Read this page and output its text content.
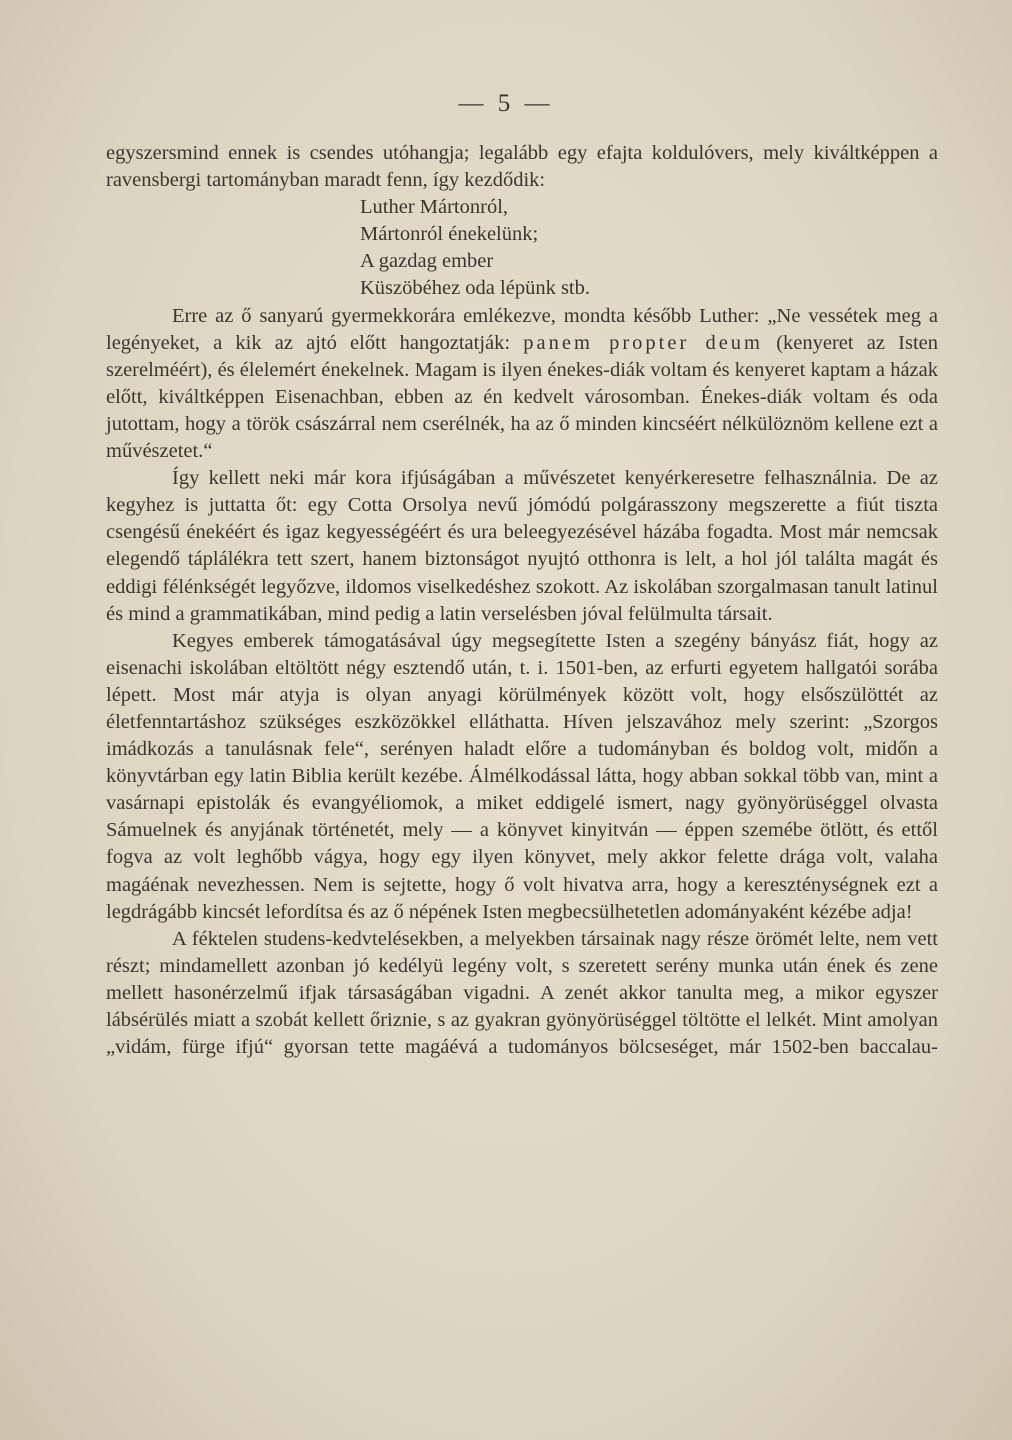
— 5 —

egyszersmind ennek is csendes utóhangja; legalább egy efajta koldulóvers, mely kiváltképpen a ravensbergi tartományban maradt fenn, így kezdődik:

Luther Mártonról,
Mártonról énekelünk;
A gazdag ember
Küszöbéhez oda lépünk stb.

Erre az ő sanyarú gyermekkorára emlékezve, mondta később Luther: „Ne vessétek meg a legényeket, a kik az ajtó előtt hangoztatják: panem propter deum (kenyeret az Isten szerelméért), és élelemért énekelnek. Magam is ilyen énekes-diák voltam és kenyeret kaptam a házak előtt, kiváltképpen Eisenachban, ebben az én kedvelt városomban. Énekes-diák voltam és oda jutottam, hogy a török császárral nem cserélnék, ha az ő minden kincséért nélkülöznöm kellene ezt a művészetet.“

Így kellett neki már kora ifjúságában a művészetet kenyérkeresetre felhasználnia. De az kegyhez is juttatta őt: egy Cotta Orsolya nevű jómódú polgárasszony megszerette a fiút tiszta csengésű énekéért és igaz kegyességéért és ura beleegyezésével házába fogadta. Most már nemcsak elegendő táplálékra tett szert, hanem biztonságot nyujtó otthonra is lelt, a hol jól találta magát és eddigi félénkségét legyőzve, ildomos viselkedéshez szokott. Az iskolában szorgalmasan tanult latinul és mind a grammatikában, mind pedig a latin verselésben jóval felülmulta társait.

Kegyes emberek támogatásával úgy megsegítette Isten a szegény bányász fiát, hogy az eisenachi iskolában eltöltött négy esztendő után, t. i. 1501-ben, az erfurti egyetem hallgatói sorába lépett. Most már atyja is olyan anyagi körülmények között volt, hogy elsőszülöttét az életfenntartáshoz szükséges eszközökkel elláthatta. Híven jelszavához mely szerint: „Szorgos imádkozás a tanulásnak fele“, serényen haladt előre a tudományban és boldog volt, midőn a könyvtárban egy latin Bibliа került kezébe. Álmélkodással látta, hogy abban sokkal több van, mint a vasárnapi epistolák és evangyéliomok, a miket eddigelé ismert, nagy gyönyörüséggel olvasta Sámuelnek és anyjának történetét, mely — a könyvet kinyitván — éppen szemébe ötlött, és ettől fogva az volt leghőbb vágya, hogy egy ilyen könyvet, mely akkor felette drága volt, valaha magáénak nevezhessen. Nem is sejtette, hogy ő volt hivatva arra, hogy a kereszténységnek ezt a legdrágább kincsét lefordítsa és az ő népének Isten megbecsülhetetlen adományaként kézébe adja!

A féktelen studens-kedvtelésekben, a melyekben társainak nagy része örömét lelte, nem vett részt; mindamellett azonban jó kedélyü legény volt, s szeretett serény munka után ének és zene mellett hasonérzelmű ifjak társaságában vigadni. A zenét akkor tanulta meg, a mikor egyszer lábsérülés miatt a szobát kellett őriznie, s az gyakran gyönyörüséggel töltötte el lelkét. Mint amolyan „vidám, fürge ifjú“ gyorsan tette magáévá a tudományos bölcseséget, már 1502-ben baccalau-
